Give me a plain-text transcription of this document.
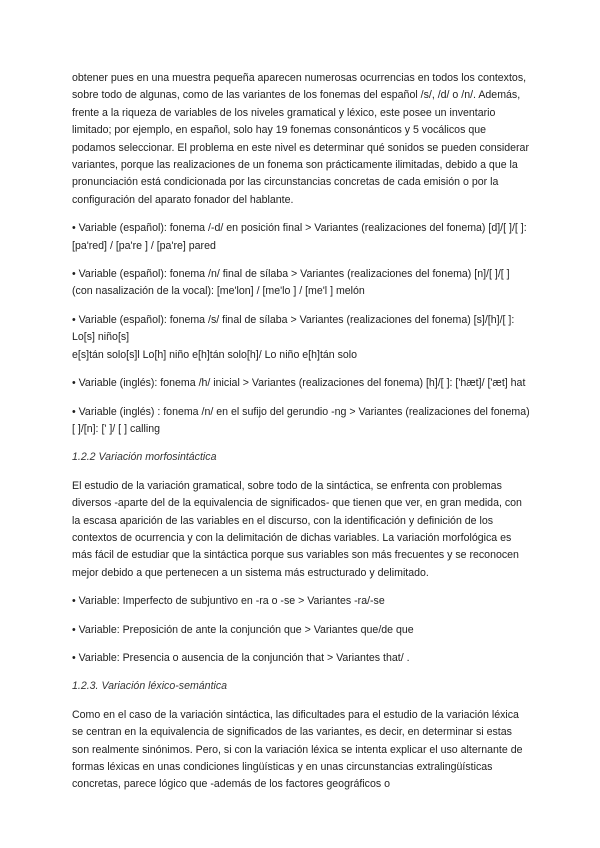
obtener pues en una muestra pequeña aparecen numerosas ocurrencias en todos los contextos, sobre todo de algunas, como de las variantes de los fonemas del español /s/, /d/ o /n/. Además, frente a la riqueza de variables de los niveles gramatical y léxico, este posee un inventario limitado; por ejemplo, en español, solo hay 19 fonemas consonánticos y 5 vocálicos que podamos seleccionar. El problema en este nivel es determinar qué sonidos se pueden considerar variantes, porque las realizaciones de un fonema son prácticamente ilimitadas, debido a que la pronunciación está condicionada por las circunstancias concretas de cada emisión o por la configuración del aparato fonador del hablante.

• Variable (español): fonema /-d/ en posición final > Variantes (realizaciones del fonema) [d]/[ ]/[ ]: [pa'red] / [pa're ] / [pa're] pared

• Variable (español): fonema /n/ final de sílaba > Variantes (realizaciones del fonema) [n]/[ ]/[ ] (con nasalización de la vocal): [me'lon] / [me'lo ] / [me'l ] melón

• Variable (español): fonema /s/ final de sílaba > Variantes (realizaciones del fonema) [s]/[h]/[ ]: Lo[s] niño[s]

e[s]tán solo[s]l Lo[h] niño e[h]tán solo[h]/ Lo niño e[h]tán solo

• Variable (inglés): fonema /h/ inicial > Variantes (realizaciones del fonema) [h]/[ ]: ['hæt]/ ['æt] hat

• Variable (inglés) : fonema /n/ en el sufijo del gerundio -ng > Variantes (realizaciones del fonema) [ ]/[n]: [' ]/ [ ] calling

1.2.2 Variación morfosintáctica

El estudio de la variación gramatical, sobre todo de la sintáctica, se enfrenta con problemas diversos -aparte del de la equivalencia de significados- que tienen que ver, en gran medida, con la escasa aparición de las variables en el discurso, con la identificación y definición de los contextos de ocurrencia y con la delimitación de dichas variables. La variación morfológica es más fácil de estudiar que la sintáctica porque sus variables son más frecuentes y se reconocen mejor debido a que pertenecen a un sistema más estructurado y delimitado.

• Variable: Imperfecto de subjuntivo en -ra o -se > Variantes -ra/-se

• Variable: Preposición de ante la conjunción que > Variantes que/de que

• Variable: Presencia o ausencia de la conjunción that > Variantes that/ .

1.2.3. Variación léxico-semántica

Como en el caso de la variación sintáctica, las dificultades para el estudio de la variación léxica se centran en la equivalencia de significados de las variantes, es decir, en determinar si estas son realmente sinónimos. Pero, si con la variación léxica se intenta explicar el uso alternante de formas léxicas en unas condiciones lingüísticas y en unas circunstancias extralingüísticas concretas, parece lógico que -además de los factores geográficos o
